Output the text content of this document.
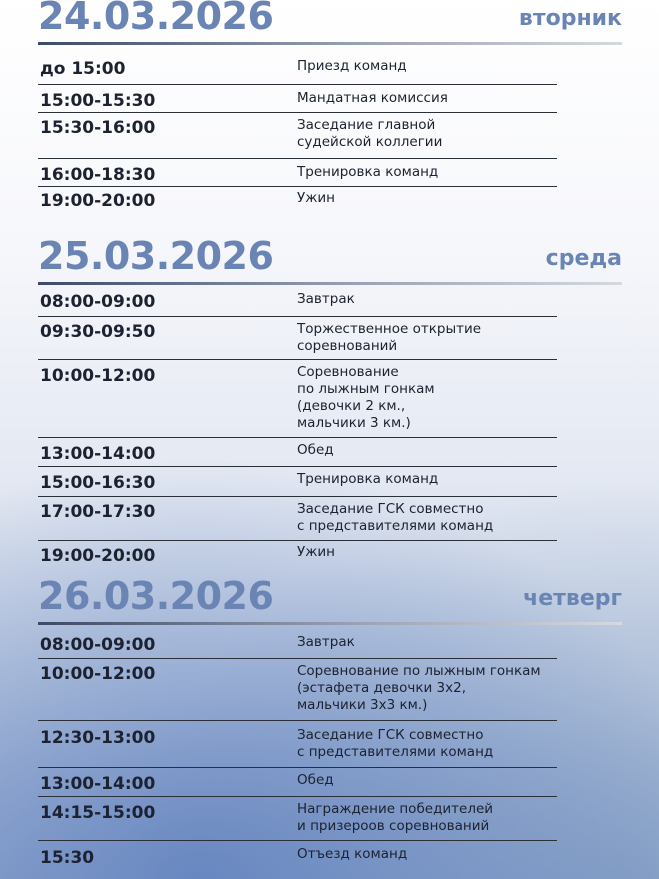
24.03.2026	вторник
до 15:00	Приезд команд
15:00-15:30	Мандатная комиссия
15:30-16:00	Заседание главной
судейской коллегии
16:00-18:30	Тренировка команд
19:00-20:00	Ужин
25.03.2026	среда
08:00-09:00	Завтрак
09:30-09:50	Торжественное открытие
соревнований
10:00-12:00	Соревнование
по лыжным гонкам
(девочки 2 км.,
мальчики 3 км.)
13:00-14:00	Обед
15:00-16:30	Тренировка команд
17:00-17:30	Заседание ГСК совместно
с представителями команд
19:00-20:00	Ужин
26.03.2026	четверг
08:00-09:00	Завтрак
10:00-12:00	Соревнование по лыжным гонкам
(эстафета девочки 3х2,
мальчики 3х3 км.)
12:30-13:00	Заседание ГСК совместно
с представителями команд
13:00-14:00	Обед
14:15-15:00	Награждение победителей
и призероов соревнований
15:30	Отъезд команд
